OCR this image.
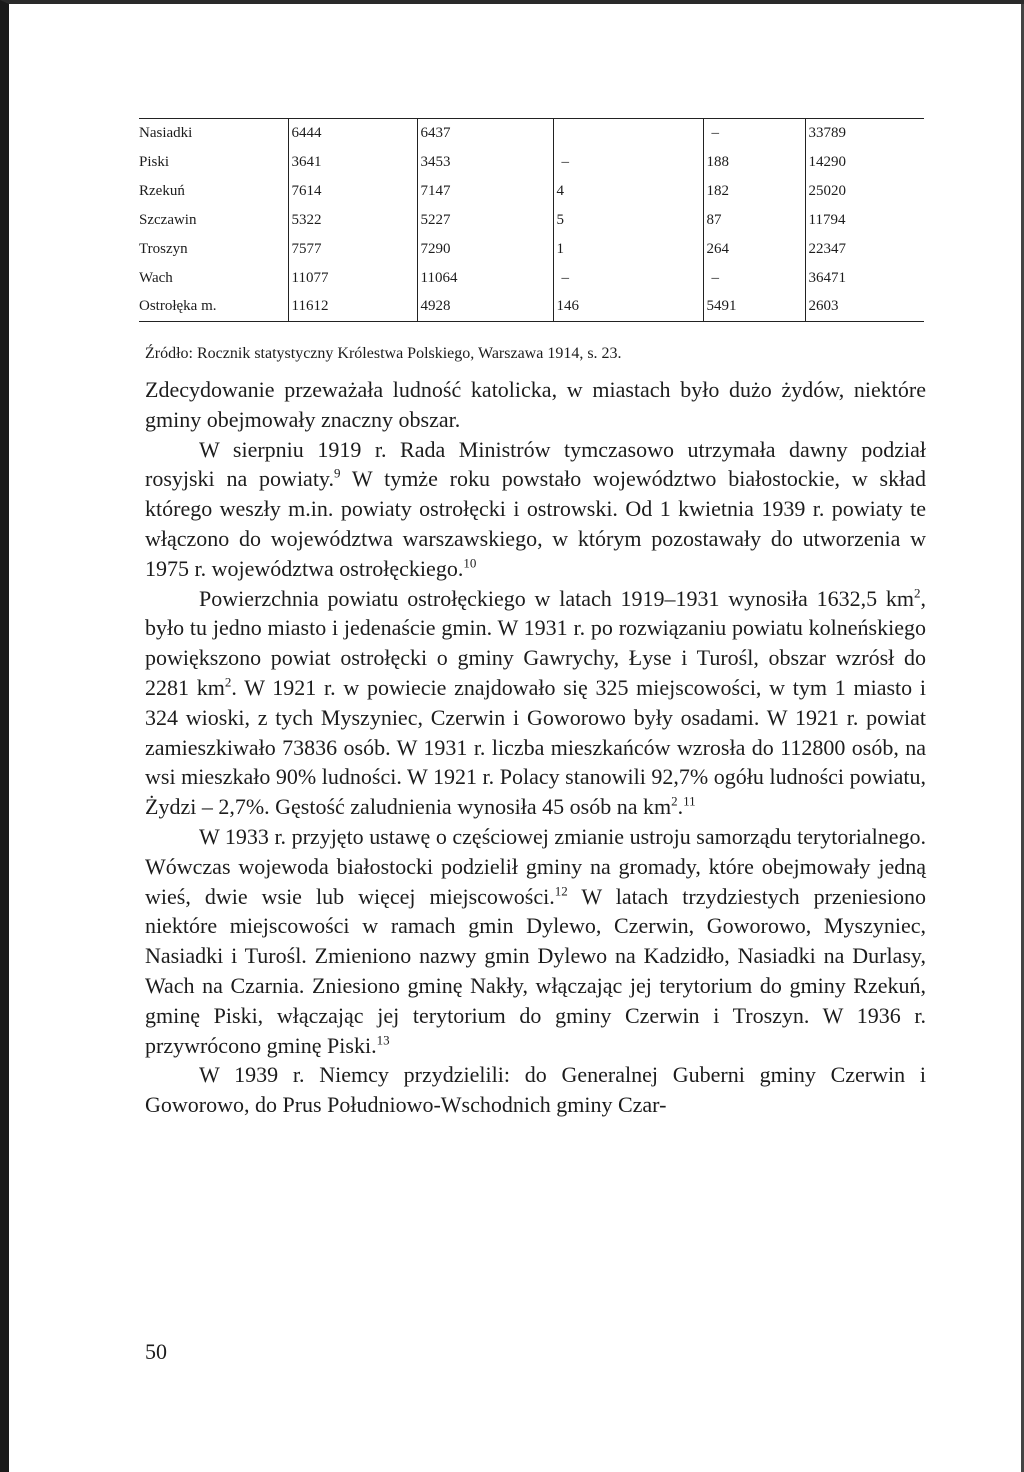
Nasiadki	6444	6437		–	33789
Piski	3641	3453	–	188	14290
Rzekuń	7614	7147	4	182	25020
Szczawin	5322	5227	5	87	11794
Troszyn	7577	7290	1	264	22347
Wach	11077	11064	–	–	36471
Ostrołęka m.	11612	4928	146	5491	2603
Źródło: Rocznik statystyczny Królestwa Polskiego, Warszawa 1914, s. 23.

Zdecydowanie przeważała ludność katolicka, w miastach było dużo żydów, niektóre gminy obejmowały znaczny obszar.

W sierpniu 1919 r. Rada Ministrów tymczasowo utrzymała dawny podział rosyjski na powiaty.$^9$ W tymże roku powstało województwo białostockie, w skład którego weszły m.in. powiaty ostrołęcki i ostrowski. Od 1 kwietnia 1939 r. powiaty te włączono do województwa warszawskiego, w którym pozostawały do utworzenia w 1975 r. województwa ostrołęckiego.$^{10}$

Powierzchnia powiatu ostrołęckiego w latach 1919–1931 wynosiła 1632,5 $km^2$, było tu jedno miasto i jedenaście gmin. W 1931 r. po rozwiązaniu powiatu kolneńskiego powiększono powiat ostrołęcki o gminy Gawrychy, Łyse i Turośl, obszar wzrósł do 2281 $km^2$. W 1921 r. w powiecie znajdowało się 325 miejscowości, w tym 1 miasto i 324 wioski, z tych Myszyniec, Czerwin i Goworowo były osadami. W 1921 r. powiat zamieszkiwało 73836 osób. W 1931 r. liczba mieszkańców wzrosła do 112800 osób, na wsi mieszkało 90% ludności. W 1921 r. Polacy stanowili 92,7% ogółu ludności powiatu, Żydzi – 2,7%. Gęstość zaludnienia wynosiła 45 osób na $km^2.^{11}$

W 1933 r. przyjęto ustawę o częściowej zmianie ustroju samorządu terytorialnego. Wówczas wojewoda białostocki podzielił gminy na gromady, które obejmowały jedną wieś, dwie wsie lub więcej miejscowości.$^{12}$ W latach trzydziestych przeniesiono niektóre miejscowości w ramach gmin Dylewo, Czerwin, Goworowo, Myszyniec, Nasiadki i Turośl. Zmieniono nazwy gmin Dylewo na Kadzidło, Nasiadki na Durlasy, Wach na Czarnia. Zniesiono gminę Nakły, włączając jej terytorium do gminy Rzekuń, gminę Piski, włączając jej terytorium do gminy Czerwin i Troszyn. W 1936 r. przywrócono gminę Piski.$^{13}$

W 1939 r. Niemcy przydzielili: do Generalnej Guberni gminy Czerwin i Goworowo, do Prus Południowo-Wschodnich gminy Czar-

50
